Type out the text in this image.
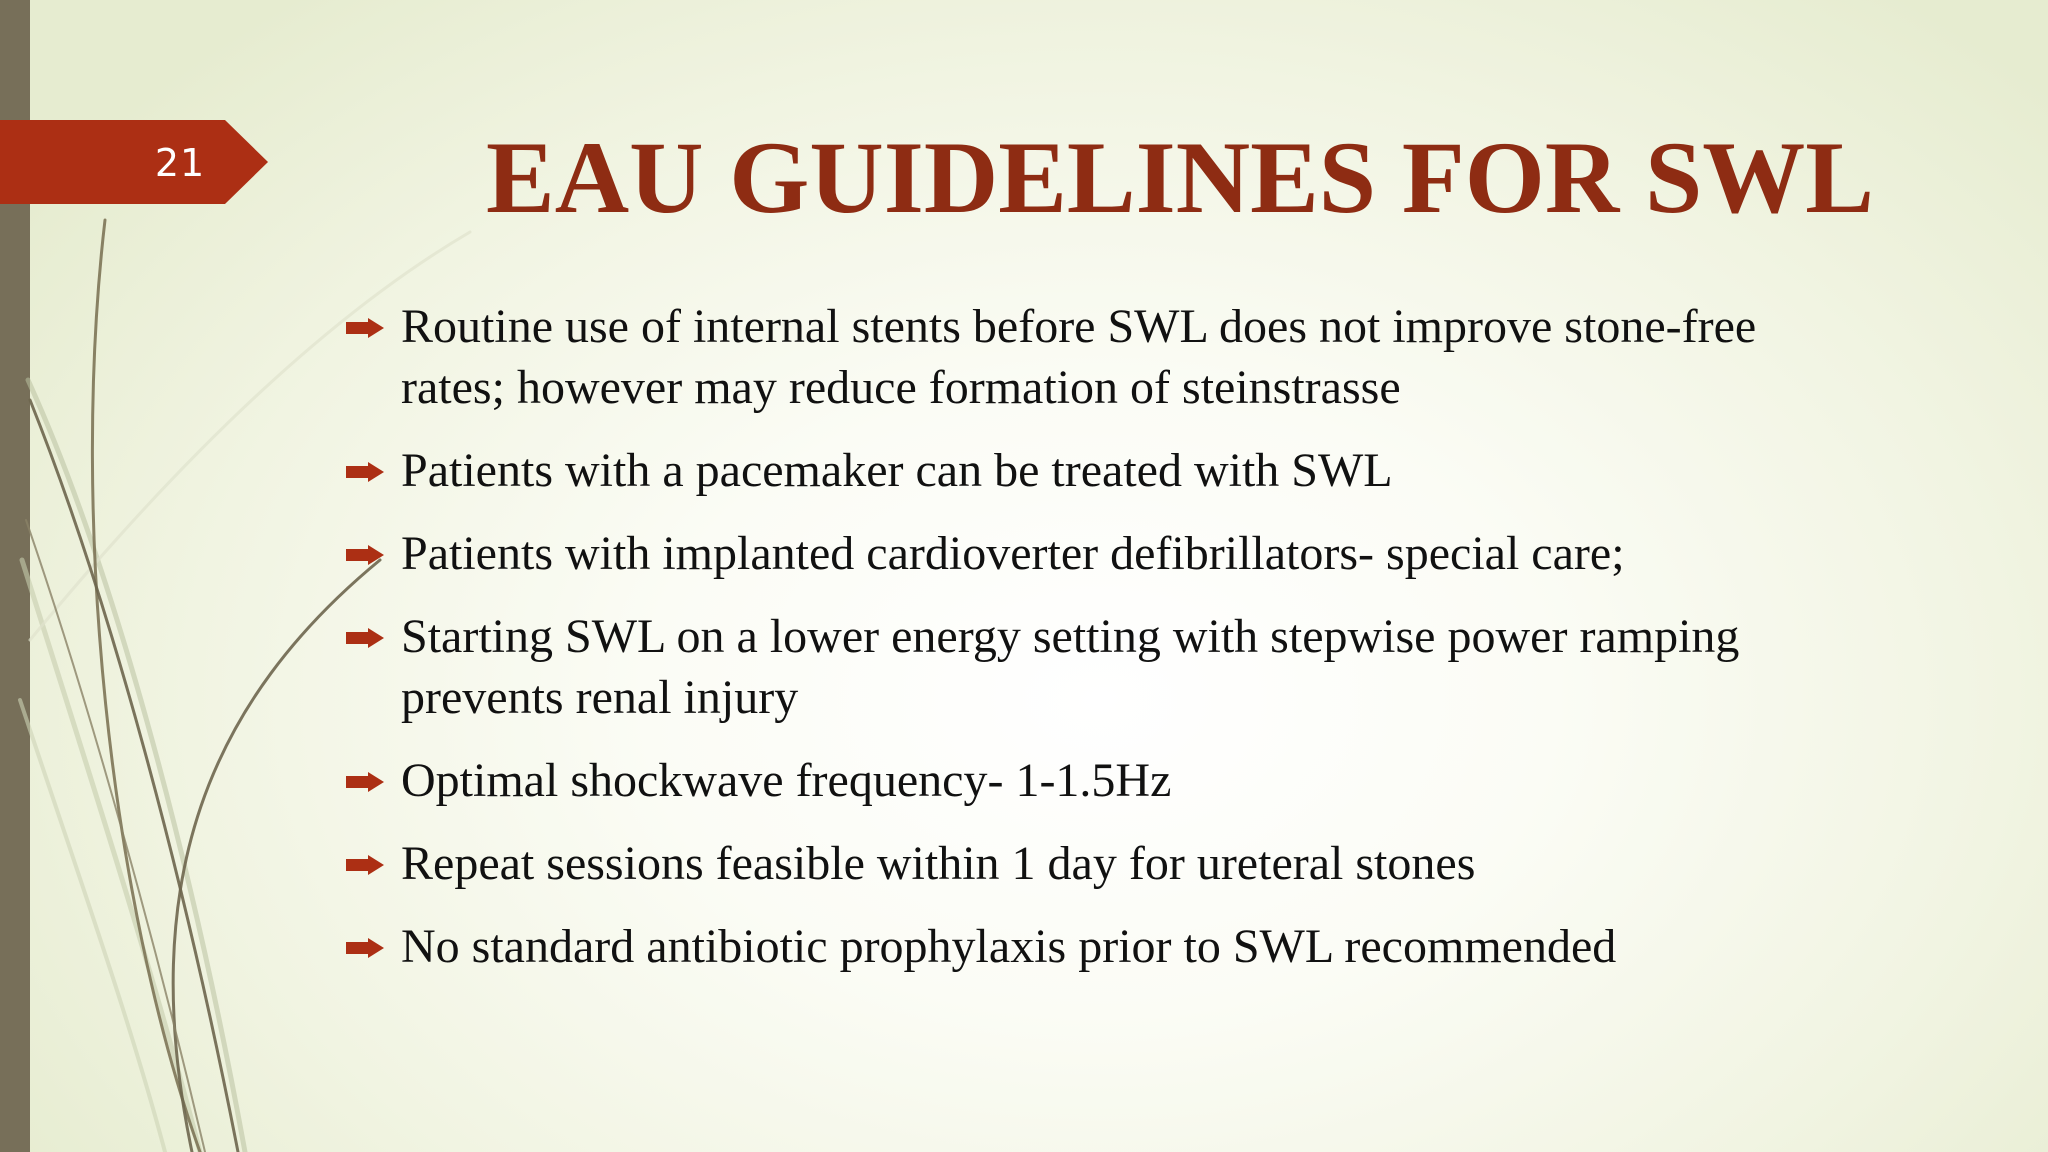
21	EAU GUIDELINES FOR SWL
Routine use of internal stents before SWL does not improve stone-free rates; however may reduce formation of steinstrasse
Patients with a pacemaker can be treated with SWL
Patients with implanted cardioverter defibrillators- special care;
Starting SWL on a lower energy setting with stepwise power ramping prevents renal injury
Optimal shockwave frequency- 1-1.5Hz
Repeat sessions feasible within 1 day for ureteral stones
No standard antibiotic prophylaxis prior to SWL recommended
